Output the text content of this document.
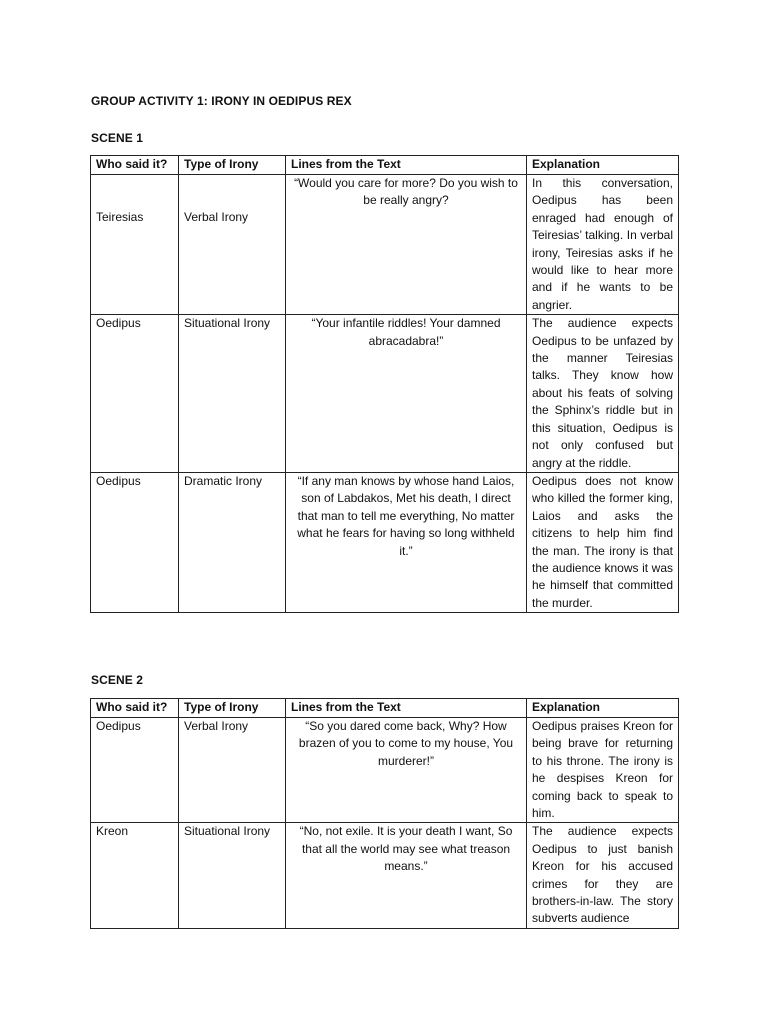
GROUP ACTIVITY 1: IRONY IN OEDIPUS REX
SCENE 1
Who said it?	Type of Irony	Lines from the Text	Explanation
Teiresias	Verbal Irony	“Would you care for more? Do you wish to be really angry?	In this conversation, Oedipus has been enraged had enough of Teiresias’ talking. In verbal irony, Teiresias asks if he would like to hear more and if he wants to be angrier.
Oedipus	Situational Irony	“Your infantile riddles! Your damned abracadabra!”	The audience expects Oedipus to be unfazed by the manner Teiresias talks. They know how about his feats of solving the Sphinx’s riddle but in this situation, Oedipus is not only confused but angry at the riddle.
Oedipus	Dramatic Irony	“If any man knows by whose hand Laios, son of Labdakos, Met his death, I direct that man to tell me everything, No matter what he fears for having so long withheld it.”	Oedipus does not know who killed the former king, Laios and asks the citizens to help him find the man. The irony is that the audience knows it was he himself that committed the murder.
SCENE 2
Who said it?	Type of Irony	Lines from the Text	Explanation
Oedipus	Verbal Irony	“So you dared come back, Why? How brazen of you to come to my house, You murderer!”	Oedipus praises Kreon for being brave for returning to his throne. The irony is he despises Kreon for coming back to speak to him.
Kreon	Situational Irony	“No, not exile. It is your death I want, So that all the world may see what treason means.”	The audience expects Oedipus to just banish Kreon for his accused crimes for they are brothers-in-law. The story subverts audience
